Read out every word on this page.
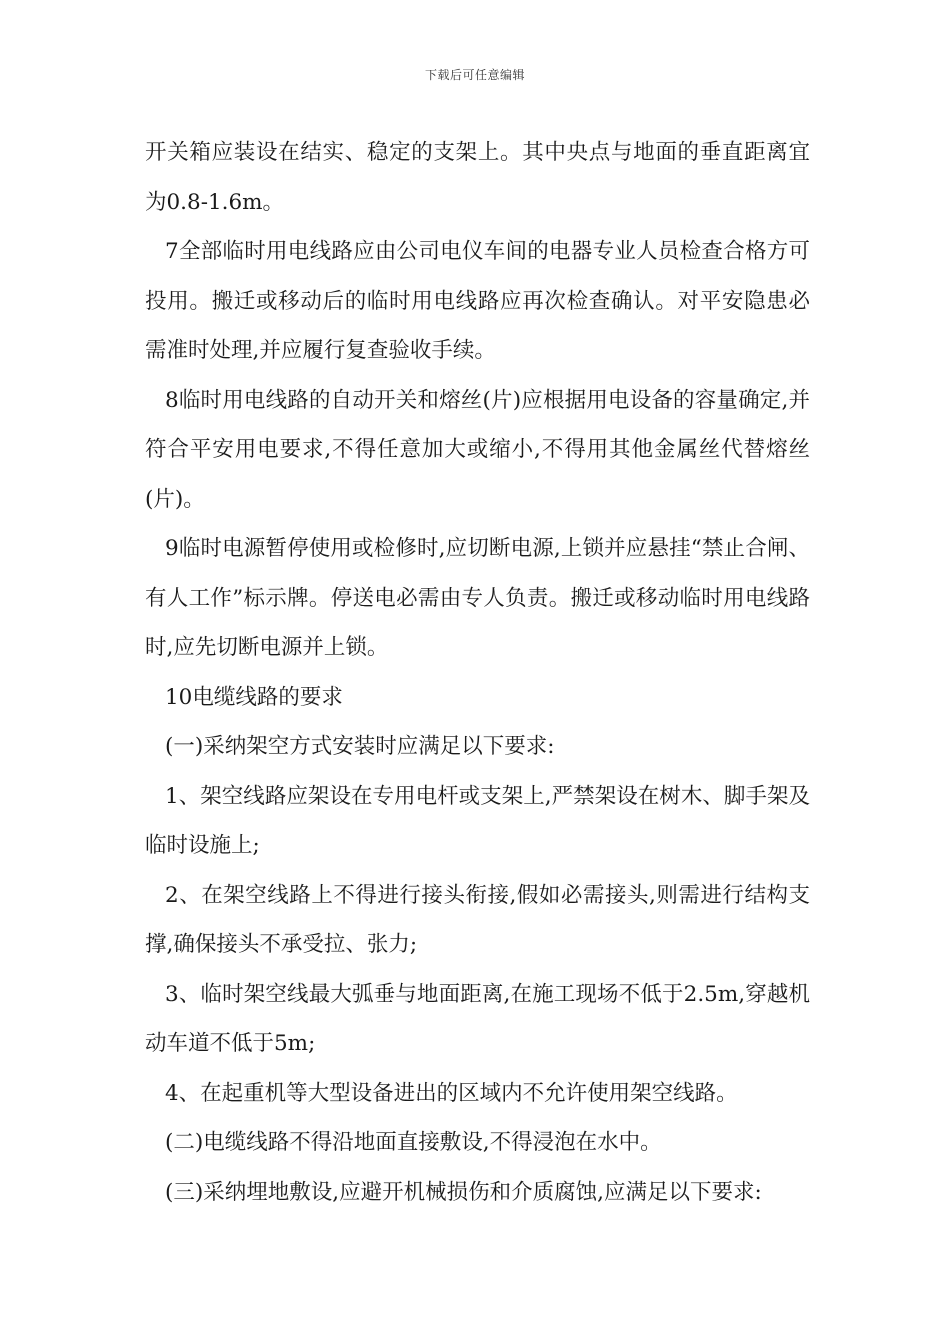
下载后可任意编辑

开关箱应装设在结实、稳定的支架上。其中央点与地面的垂直距离宜为0.8-1.6m。

7全部临时用电线路应由公司电仪车间的电器专业人员检查合格方可投用。搬迁或移动后的临时用电线路应再次检查确认。对平安隐患必需准时处理,并应履行复查验收手续。

8临时用电线路的自动开关和熔丝(片)应根据用电设备的容量确定,并符合平安用电要求,不得任意加大或缩小,不得用其他金属丝代替熔丝(片)。

9临时电源暂停使用或检修时,应切断电源,上锁并应悬挂“禁止合闸、有人工作”标示牌。停送电必需由专人负责。搬迁或移动临时用电线路时,应先切断电源并上锁。

10电缆线路的要求

(一)采纳架空方式安装时应满足以下要求:

1、架空线路应架设在专用电杆或支架上,严禁架设在树木、脚手架及临时设施上;

2、在架空线路上不得进行接头衔接,假如必需接头,则需进行结构支撑,确保接头不承受拉、张力;

3、临时架空线最大弧垂与地面距离,在施工现场不低于2.5m,穿越机动车道不低于5m;

4、在起重机等大型设备进出的区域内不允许使用架空线路。

(二)电缆线路不得沿地面直接敷设,不得浸泡在水中。

(三)采纳埋地敷设,应避开机械损伤和介质腐蚀,应满足以下要求:
